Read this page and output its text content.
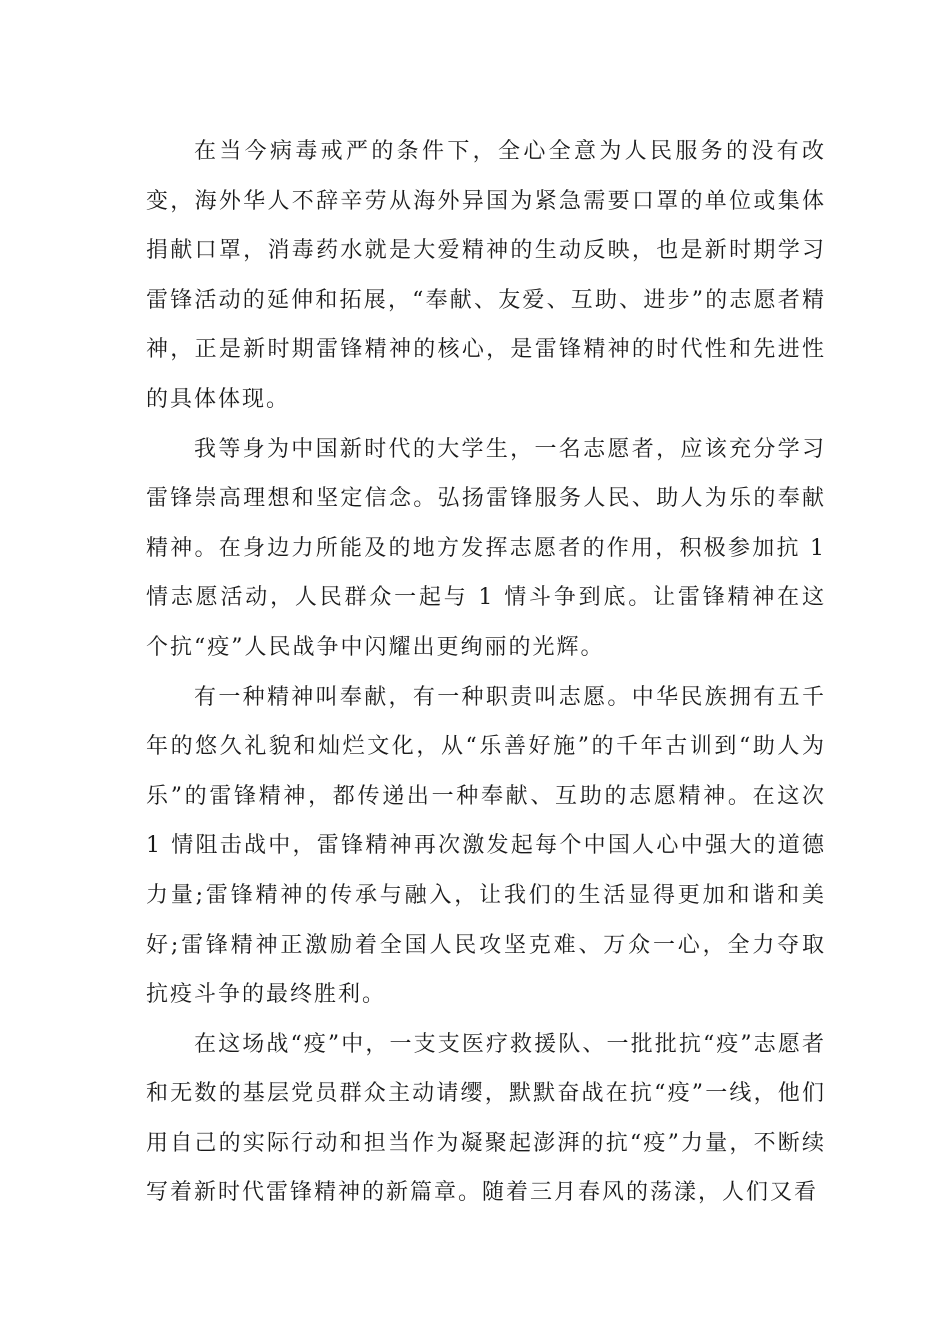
在当今病毒戒严的条件下，全心全意为人民服务的没有改变，海外华人不辞辛劳从海外异国为紧急需要口罩的单位或集体捐献口罩，消毒药水就是大爱精神的生动反映，也是新时期学习雷锋活动的延伸和拓展，“奉献、友爱、互助、进步”的志愿者精神，正是新时期雷锋精神的核心，是雷锋精神的时代性和先进性的具体体现。

我等身为中国新时代的大学生，一名志愿者，应该充分学习雷锋崇高理想和坚定信念。弘扬雷锋服务人民、助人为乐的奉献精神。在身边力所能及的地方发挥志愿者的作用，积极参加抗 1 情志愿活动，人民群众一起与 1 情斗争到底。让雷锋精神在这个抗“疫”人民战争中闪耀出更绚丽的光辉。

有一种精神叫奉献，有一种职责叫志愿。中华民族拥有五千年的悠久礼貌和灿烂文化，从“乐善好施”的千年古训到“助人为乐”的雷锋精神，都传递出一种奉献、互助的志愿精神。在这次 1 情阻击战中，雷锋精神再次激发起每个中国人心中强大的道德力量;雷锋精神的传承与融入，让我们的生活显得更加和谐和美好;雷锋精神正激励着全国人民攻坚克难、万众一心，全力夺取抗疫斗争的最终胜利。

在这场战“疫”中，一支支医疗救援队、一批批抗“疫”志愿者和无数的基层党员群众主动请缨，默默奋战在抗“疫”一线，他们用自己的实际行动和担当作为凝聚起澎湃的抗“疫”力量，不断续写着新时代雷锋精神的新篇章。随着三月春风的荡漾，人们又看
